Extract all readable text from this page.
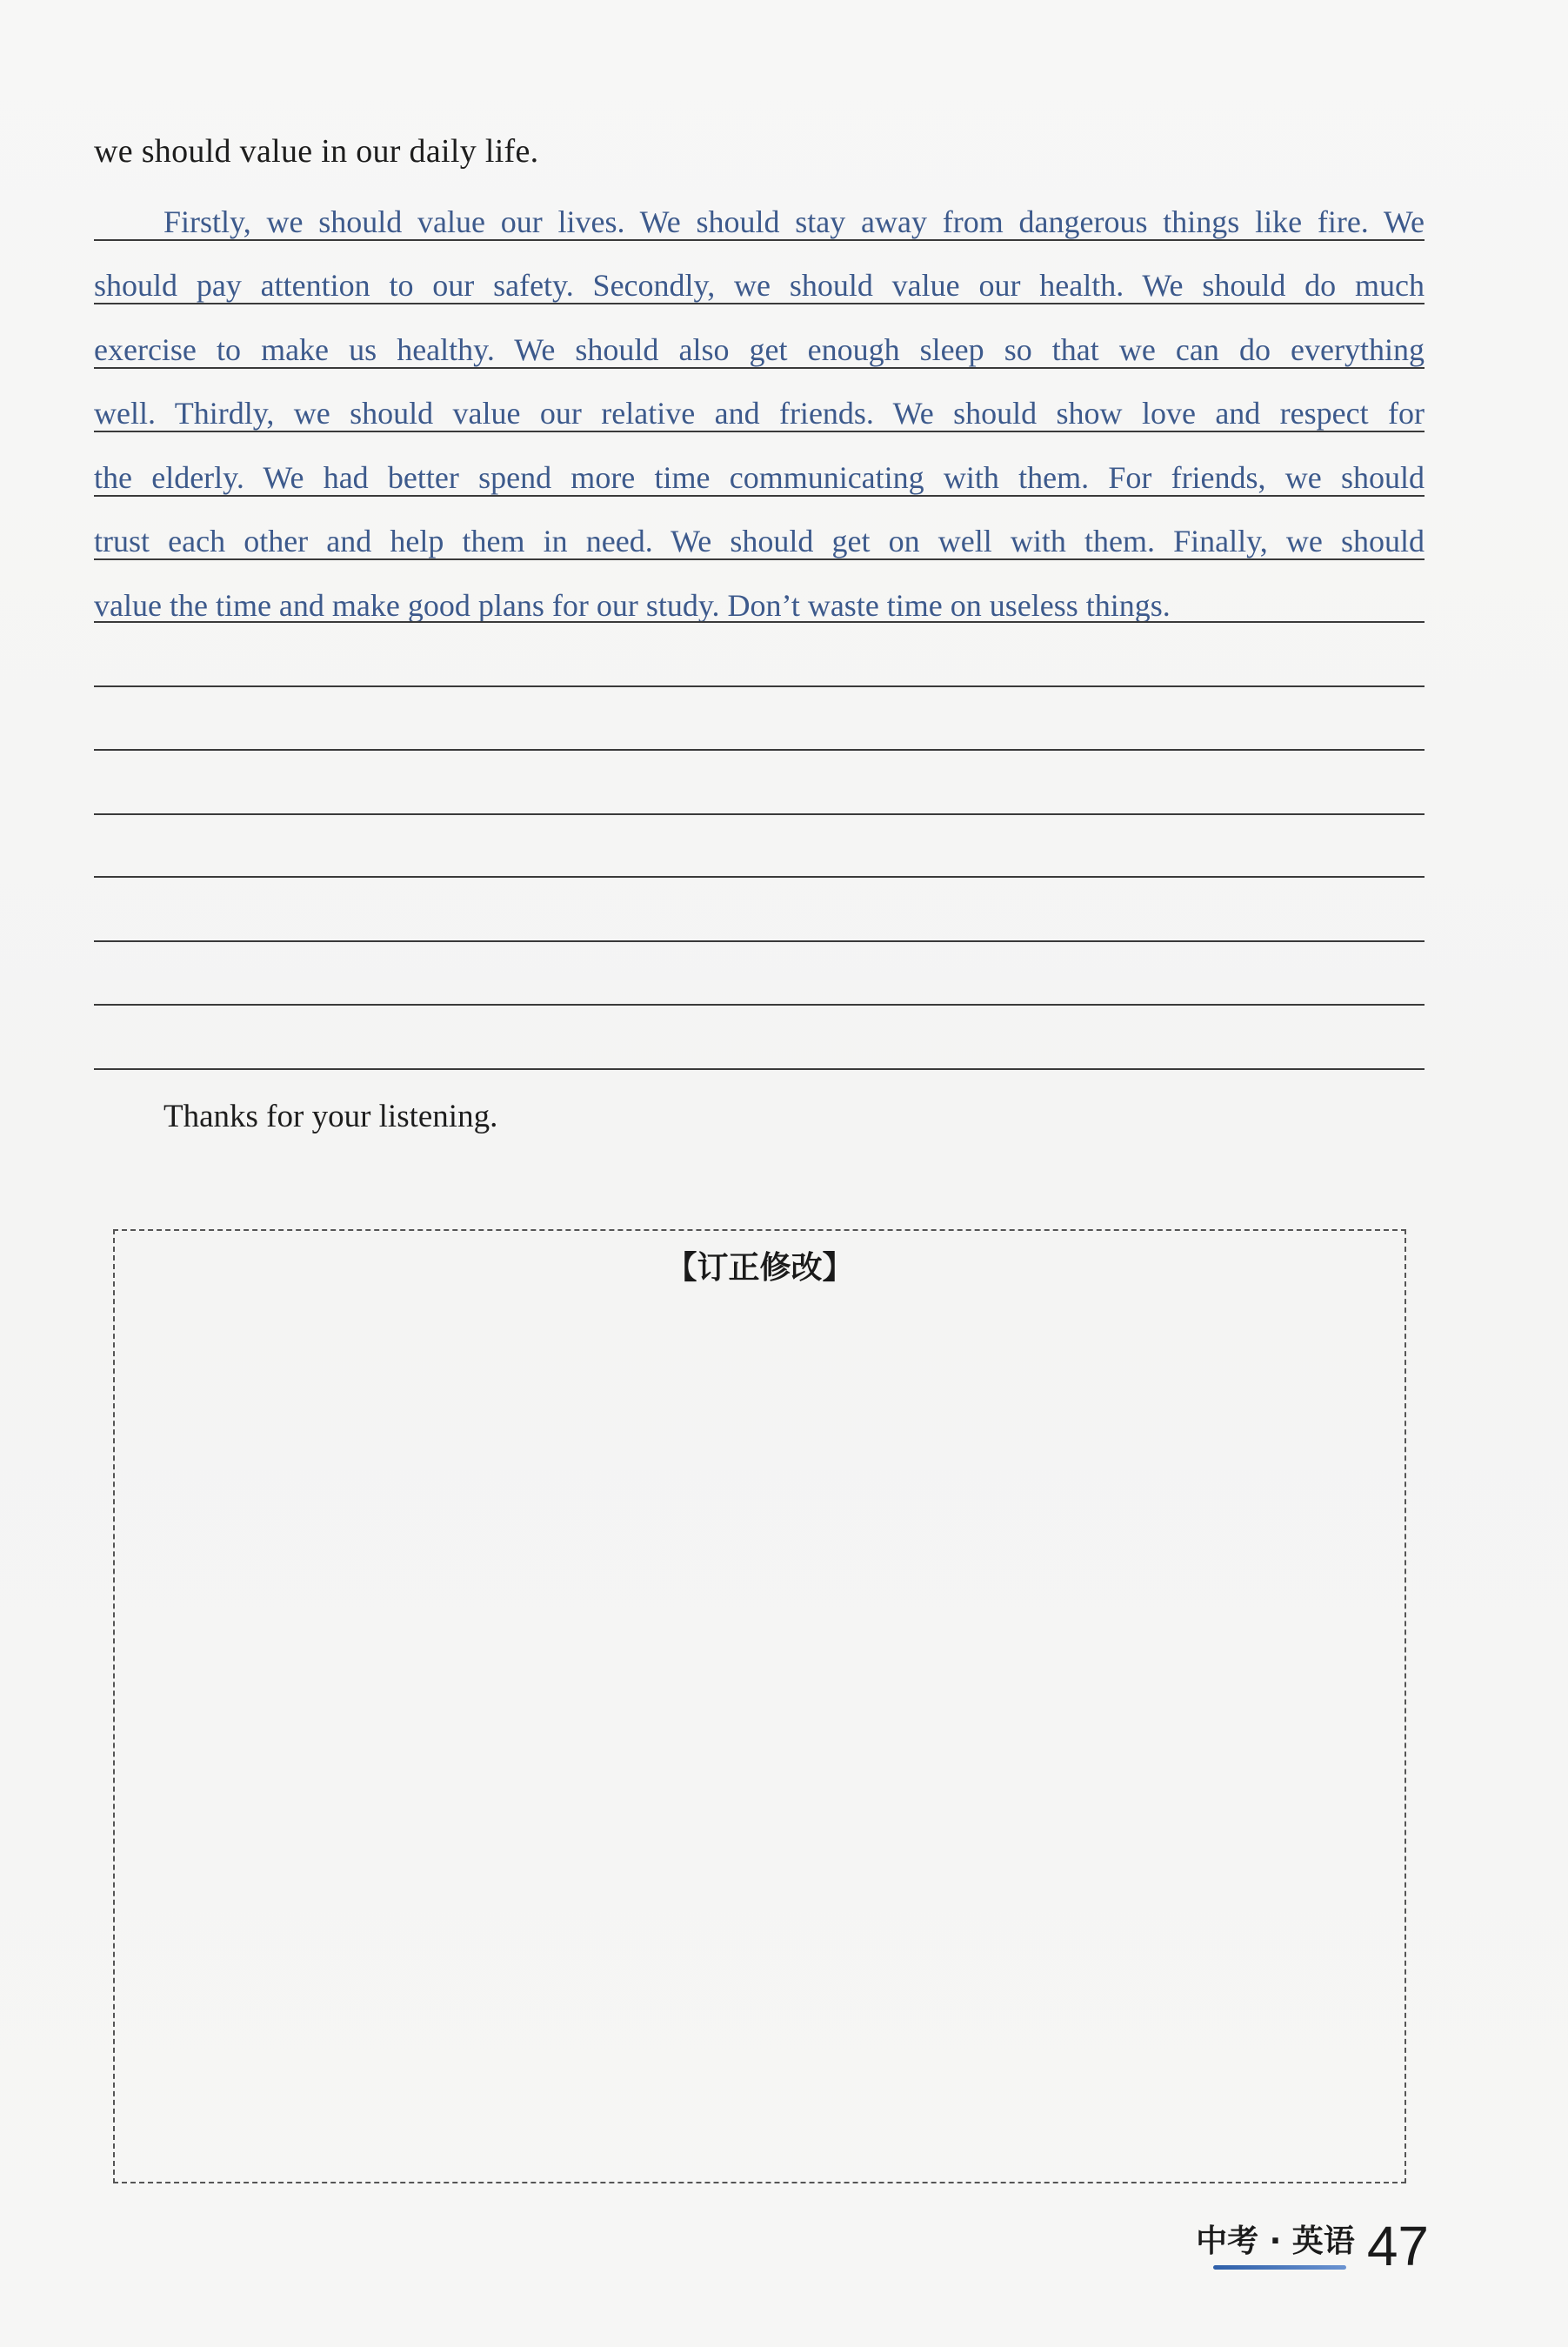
we should value in our daily life.
Firstly, we should value our lives. We should stay away from dangerous things like fire. We
should pay attention to our safety. Secondly, we should value our health. We should do much
exercise to make us healthy. We should also get enough sleep so that we can do everything
well. Thirdly, we should value our relative and friends. We should show love and respect for
the elderly. We had better spend more time communicating with them. For friends, we should
trust each other and help them in need. We should get on well with them. Finally, we should
value the time and make good plans for our study. Don’t waste time on useless things.
Thanks for your listening.
【订正修改】
中考 · 英语 47
